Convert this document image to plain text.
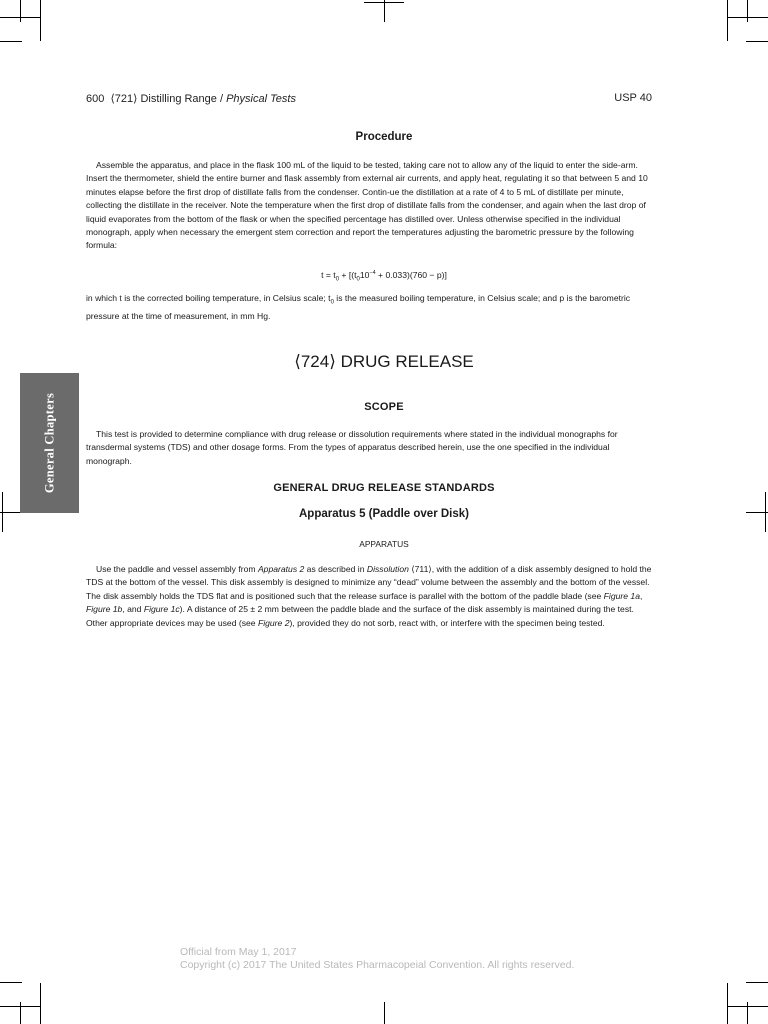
600 ⟨721⟩ Distilling Range / Physical Tests	USP 40
Procedure
Assemble the apparatus, and place in the flask 100 mL of the liquid to be tested, taking care not to allow any of the liquid to enter the side-arm. Insert the thermometer, shield the entire burner and flask assembly from external air currents, and apply heat, regulating it so that between 5 and 10 minutes elapse before the first drop of distillate falls from the condenser. Contin-ue the distillation at a rate of 4 to 5 mL of distillate per minute, collecting the distillate in the receiver. Note the temperature when the first drop of distillate falls from the condenser, and again when the last drop of liquid evaporates from the bottom of the flask or when the specified percentage has distilled over. Unless otherwise specified in the individual monograph, apply when necessary the emergent stem correction and report the temperatures adjusting the barometric pressure by the following formula:
$t = t_0 + [(t_010^{-4} + 0.033)(760 - p)]$
in which t is the corrected boiling temperature, in Celsius scale; $t_0$ is the measured boiling temperature, in Celsius scale; and p is the barometric pressure at the time of measurement, in mm Hg.
⟨724⟩ DRUG RELEASE
SCOPE
This test is provided to determine compliance with drug release or dissolution requirements where stated in the individual monographs for transdermal systems (TDS) and other dosage forms. From the types of apparatus described herein, use the one specified in the individual monograph.
GENERAL DRUG RELEASE STANDARDS
Apparatus 5 (Paddle over Disk)
APPARATUS
Use the paddle and vessel assembly from Apparatus 2 as described in Dissolution ⟨711⟩, with the addition of a disk assembly designed to hold the TDS at the bottom of the vessel. This disk assembly is designed to minimize any “dead” volume between the assembly and the bottom of the vessel. The disk assembly holds the TDS flat and is positioned such that the release surface is parallel with the bottom of the paddle blade (see Figure 1a, Figure 1b, and Figure 1c). A distance of 25 ± 2 mm between the paddle blade and the surface of the disk assembly is maintained during the test. Other appropriate devices may be used (see Figure 2), provided they do not sorb, react with, or interfere with the specimen being tested.
General Chapters
Official from May 1, 2017
Copyright (c) 2017 The United States Pharmacopeial Convention. All rights reserved.
